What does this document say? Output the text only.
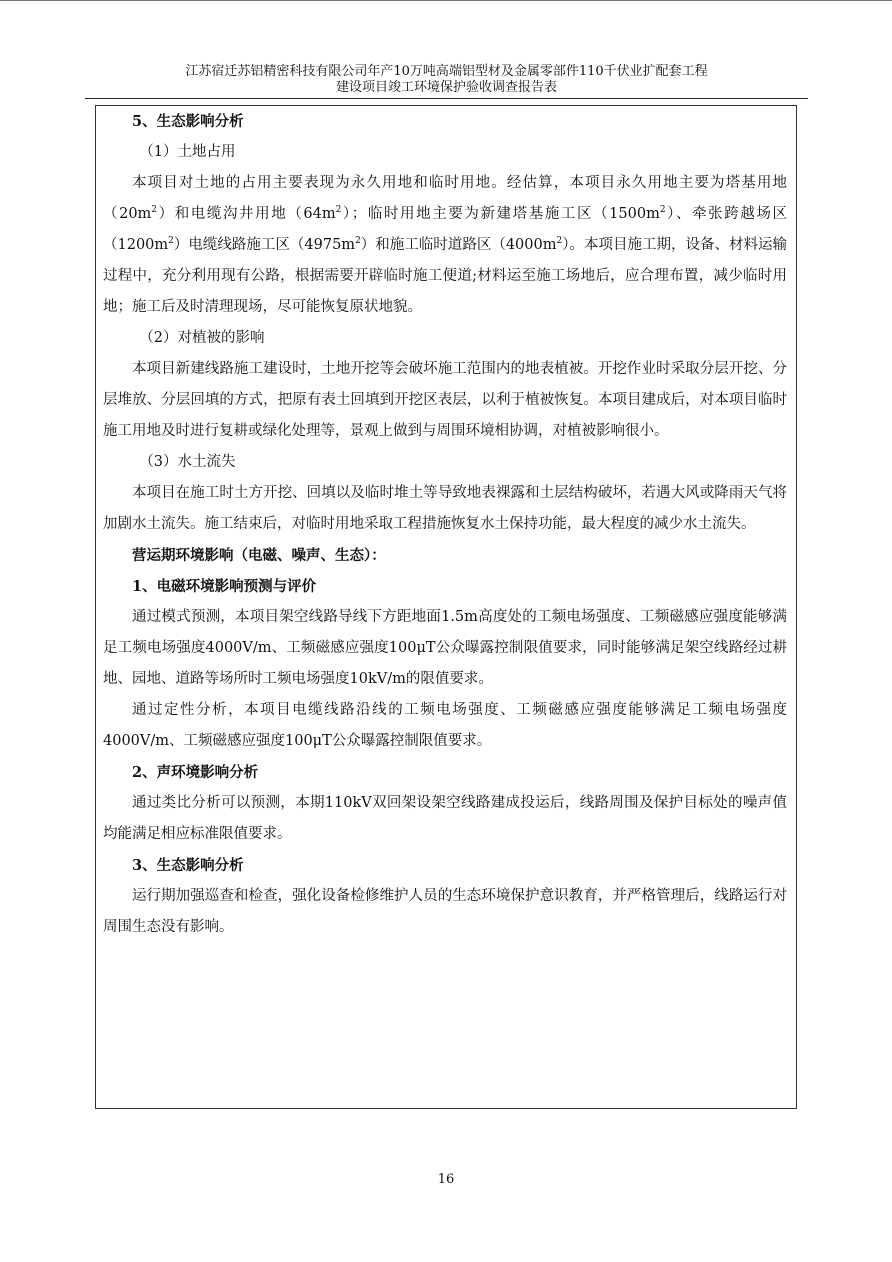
江苏宿迁苏铝精密科技有限公司年产10万吨高端铝型材及金属零部件110千伏业扩配套工程
建设项目竣工环境保护验收调查报告表

5、生态影响分析

（1）土地占用

本项目对土地的占用主要表现为永久用地和临时用地。经估算，本项目永久用地主要为塔基用地$(20m^2)$和电缆沟井用地$(64m^2)$；临时用地主要为新建塔基施工区$(1500m^2)$、牵张跨越场区$(1200m^2)$电缆线路施工区$(4975m^2)$和施工临时道路区$(4000m^2)$。本项目施工期，设备、材料运输过程中，充分利用现有公路，根据需要开辟临时施工便道;材料运至施工场地后，应合理布置，减少临时用地；施工后及时清理现场，尽可能恢复原状地貌。

（2）对植被的影响

本项目新建线路施工建设时，土地开挖等会破坏施工范围内的地表植被。开挖作业时采取分层开挖、分层堆放、分层回填的方式，把原有表土回填到开挖区表层，以利于植被恢复。本项目建成后，对本项目临时施工用地及时进行复耕或绿化处理等，景观上做到与周围环境相协调，对植被影响很小。

（3）水土流失

本项目在施工时土方开挖、回填以及临时堆土等导致地表裸露和土层结构破坏，若遇大风或降雨天气将加剧水土流失。施工结束后，对临时用地采取工程措施恢复水土保持功能，最大程度的减少水土流失。

营运期环境影响（电磁、噪声、生态）：

1、电磁环境影响预测与评价

通过模式预测，本项目架空线路导线下方距地面1.5m高度处的工频电场强度、工频磁感应强度能够满足工频电场强度4000V/m、工频磁感应强度100μT公众曝露控制限值要求，同时能够满足架空线路经过耕地、园地、道路等场所时工频电场强度10kV/m的限值要求。

通过定性分析，本项目电缆线路沿线的工频电场强度、工频磁感应强度能够满足工频电场强度4000V/m、工频磁感应强度100μT公众曝露控制限值要求。

2、声环境影响分析

通过类比分析可以预测，本期110kV双回架设架空线路建成投运后，线路周围及保护目标处的噪声值均能满足相应标准限值要求。

3、生态影响分析

运行期加强巡查和检查，强化设备检修维护人员的生态环境保护意识教育，并严格管理后，线路运行对周围生态没有影响。

16
